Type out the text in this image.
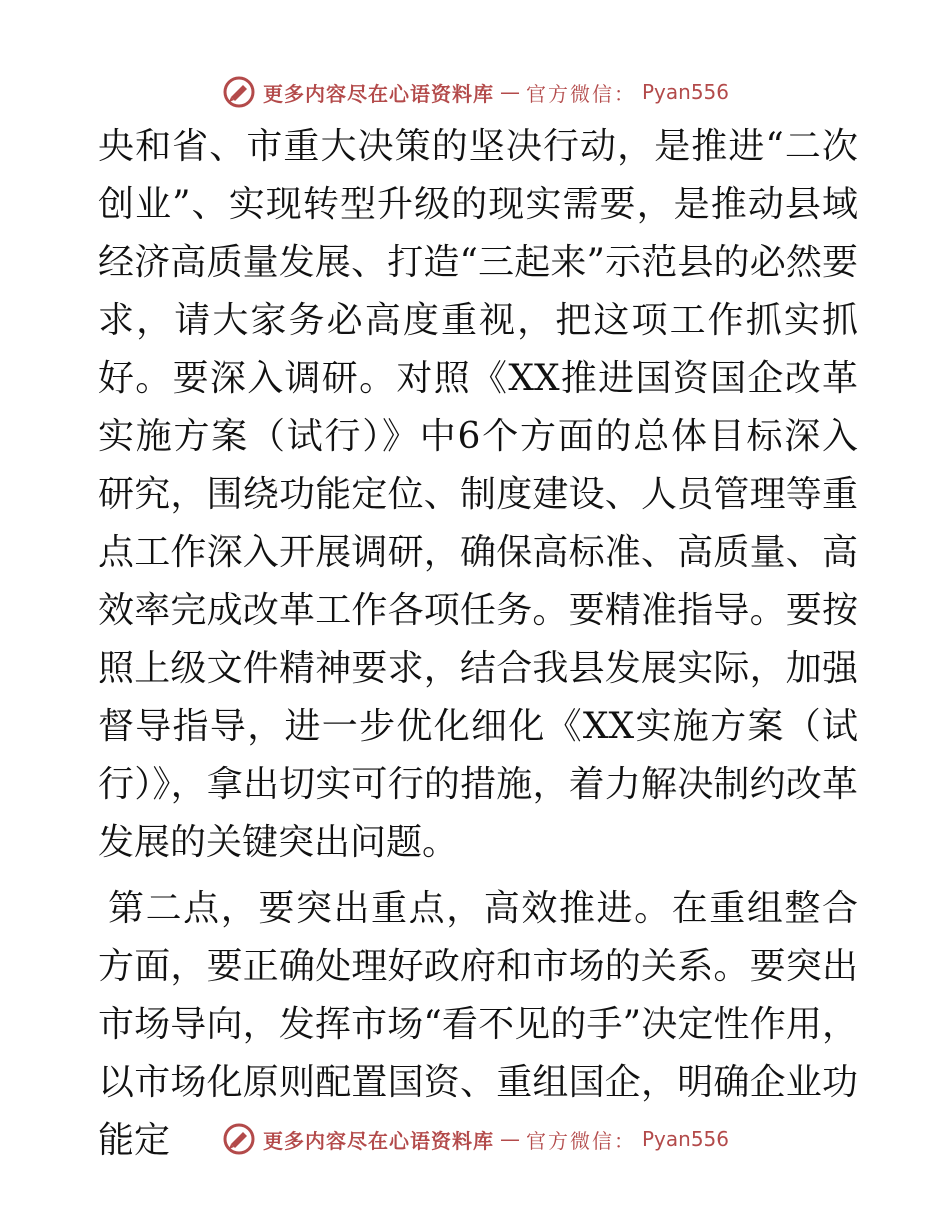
更多内容尽在心语资料库 — 官方微信： Pyan556

央和省、市重大决策的坚决行动，是推进“二次创业”、实现转型升级的现实需要，是推动县域经济高质量发展、打造“三起来”示范县的必然要求，请大家务必高度重视，把这项工作抓实抓好。要深入调研。对照《XX推进国资国企改革实施方案（试行）》中6个方面的总体目标深入研究，围绕功能定位、制度建设、人员管理等重点工作深入开展调研，确保高标准、高质量、高效率完成改革工作各项任务。要精准指导。要按照上级文件精神要求，结合我县发展实际，加强督导指导，进一步优化细化《XX实施方案（试行）》，拿出切实可行的措施，着力解决制约改革发展的关键突出问题。

第二点，要突出重点，高效推进。在重组整合方面，要正确处理好政府和市场的关系。要突出市场导向，发挥市场“看不见的手”决定性作用，以市场化原则配置国资、重组国企，明确企业功能定	更多内容尽在心语资料库 — 官方微信： Pyan556
